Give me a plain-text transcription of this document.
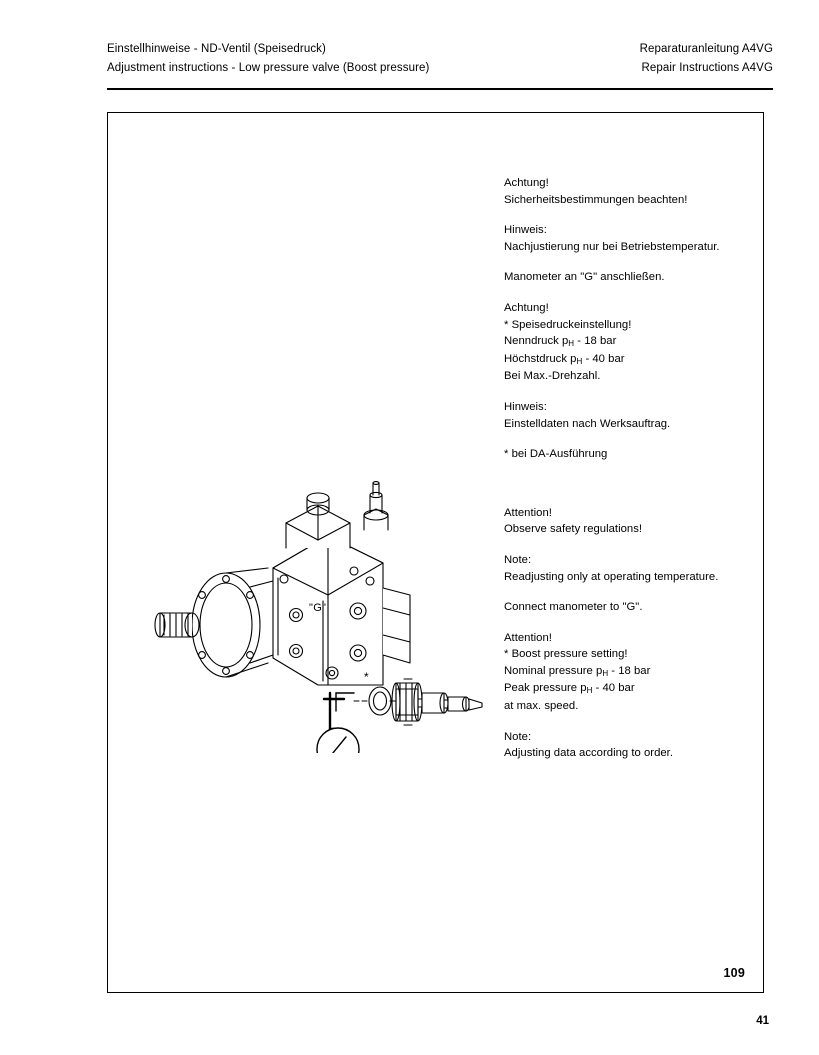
Einstellhinweise - ND-Ventil (Speisedruck)	Reparaturanleitung A4VG
Adjustment instructions - Low pressure valve (Boost pressure)	Repair Instructions A4VG
*
"G"

Achtung!

Sicherheitsbestimmungen beachten!

Hinweis:

Nachjustierung nur bei Betriebstemperatur.

Manometer an "G" anschließen.

Achtung!

* Speisedruckeinstellung!

Nenndruck $p_H - 18$ bar

Höchstdruck $p_H - 40$ bar

Bei Max.-Drehzahl.

Hinweis:

Einstelldaten nach Werksauftrag.

* bei DA-Ausführung

Attention!

Observe safety regulations!

Note:

Readjusting only at operating temperature.

Connect manometer to "G".

Attention!

* Boost pressure setting!

Nominal pressure $p_H - 18$ bar

Peak pressure $p_H - 40$ bar

at max. speed.

Note:

Adjusting data according to order.

109
41
